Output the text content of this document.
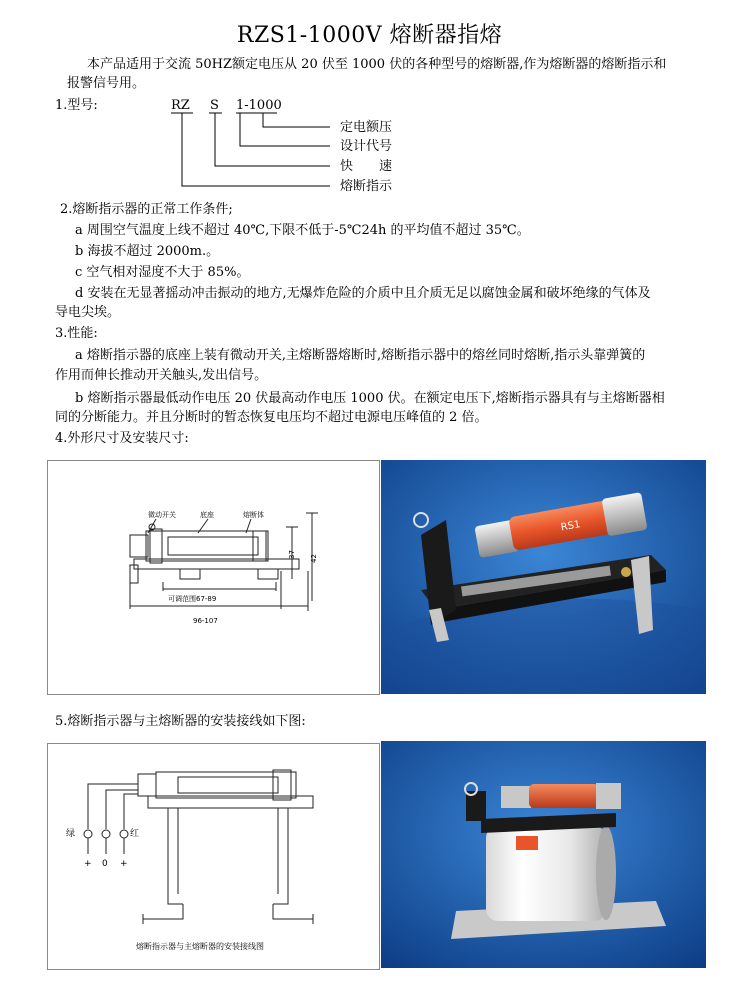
RZS1-1000V 熔断器指熔
本产品适用于交流 50HZ额定电压从 20 伏至 1000 伏的各种型号的熔断器,作为熔断器的熔断指示和
报警信号用。
1.型号:	RZ S 1-1000
定电额压
设计代号
快　　速
熔断指示
2.熔断指示器的正常工作条件;
a 周围空气温度上线不超过 40℃,下限不低于-5℃24h 的平均值不超过 35℃。
b 海拔不超过 2000m.。
c 空气相对湿度不大于 85%。
d 安装在无显著摇动冲击振动的地方,无爆炸危险的介质中且介质无足以腐蚀金属和破坏绝缘的气体及
导电尖埃。
3.性能:
a 熔断指示器的底座上装有微动开关,主熔断器熔断时,熔断指示器中的熔丝同时熔断,指示头靠弹簧的
作用而伸长推动开关触头,发出信号。
b 熔断指示器最低动作电压 20 伏最高动作电压 1000 伏。在额定电压下,熔断指示器具有与主熔断器相
同的分断能力。并且分断时的暂态恢复电压均不超过电源电压峰值的 2 倍。
4.外形尺寸及安装尺寸:
微动开关	底座	熔断体
可调范围67-89
96-107
37 42
RS1
5.熔断指示器与主熔断器的安装接线如下图:
绿	红
+ 0 +
熔断指示器与主熔断器的安装接线图
